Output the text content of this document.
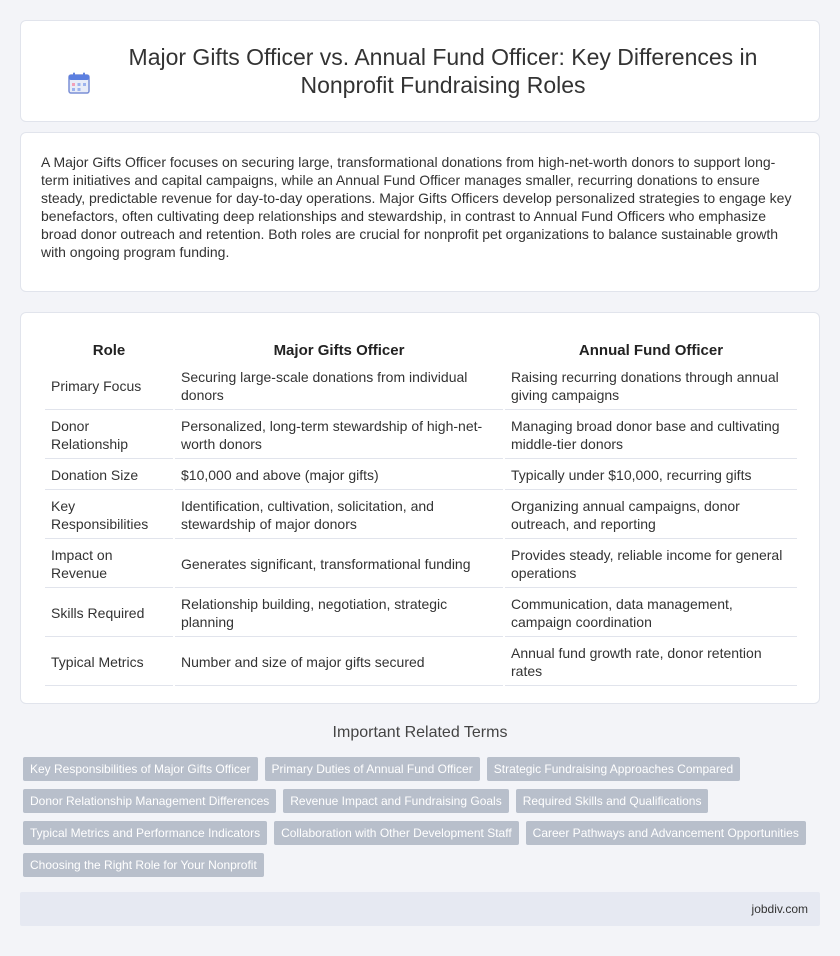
Major Gifts Officer vs. Annual Fund Officer: Key Differences in Nonprofit Fundraising Roles

A Major Gifts Officer focuses on securing large, transformational donations from high-net-worth donors to support long-term initiatives and capital campaigns, while an Annual Fund Officer manages smaller, recurring donations to ensure steady, predictable revenue for day-to-day operations. Major Gifts Officers develop personalized strategies to engage key benefactors, often cultivating deep relationships and stewardship, in contrast to Annual Fund Officers who emphasize broad donor outreach and retention. Both roles are crucial for nonprofit pet organizations to balance sustainable growth with ongoing program funding.

Role	Major Gifts Officer	Annual Fund Officer
Primary Focus	Securing large-scale donations from individual donors	Raising recurring donations through annual giving campaigns
Donor Relationship	Personalized, long-term stewardship of high-net-worth donors	Managing broad donor base and cultivating middle-tier donors
Donation Size	$10,000 and above (major gifts)	Typically under $10,000, recurring gifts
Key Responsibilities	Identification, cultivation, solicitation, and stewardship of major donors	Organizing annual campaigns, donor outreach, and reporting
Impact on Revenue	Generates significant, transformational funding	Provides steady, reliable income for general operations
Skills Required	Relationship building, negotiation, strategic planning	Communication, data management, campaign coordination
Typical Metrics	Number and size of major gifts secured	Annual fund growth rate, donor retention rates
Important Related Terms
Key Responsibilities of Major Gifts Officer	Primary Duties of Annual Fund Officer	Strategic Fundraising Approaches Compared
Donor Relationship Management Differences	Revenue Impact and Fundraising Goals	Required Skills and Qualifications
Typical Metrics and Performance Indicators	Collaboration with Other Development Staff	Career Pathways and Advancement Opportunities
Choosing the Right Role for Your Nonprofit
jobdiv.com
